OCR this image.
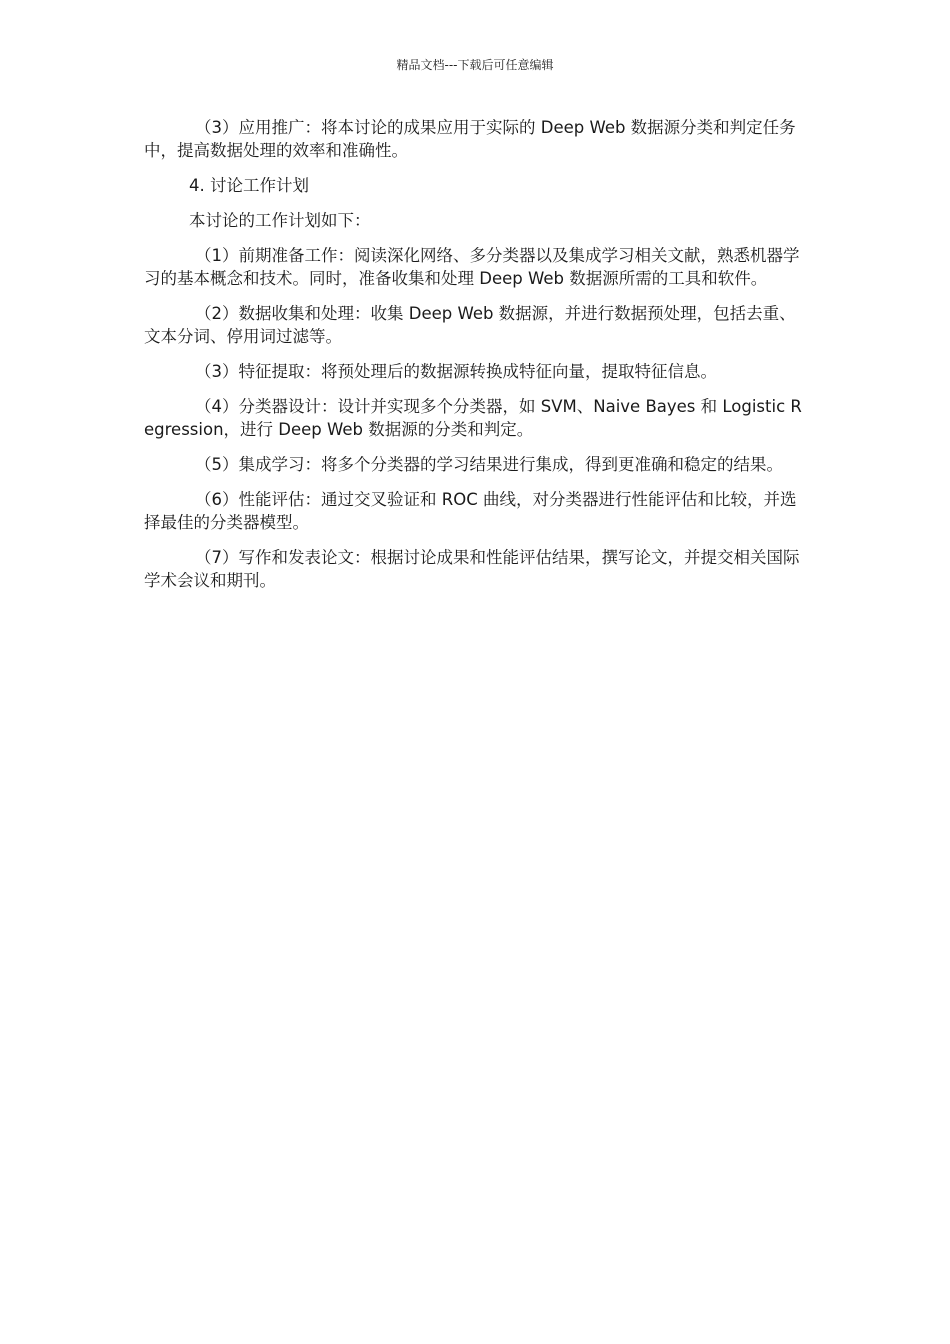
精品文档---下载后可任意编辑

（3）应用推广：将本讨论的成果应用于实际的 Deep Web 数据源分类和判定任务中，提高数据处理的效率和准确性。

4. 讨论工作计划

本讨论的工作计划如下：

（1）前期准备工作：阅读深化网络、多分类器以及集成学习相关文献，熟悉机器学习的基本概念和技术。同时，准备收集和处理 Deep Web 数据源所需的工具和软件。

（2）数据收集和处理：收集 Deep Web 数据源，并进行数据预处理，包括去重、文本分词、停用词过滤等。

（3）特征提取：将预处理后的数据源转换成特征向量，提取特征信息。

（4）分类器设计：设计并实现多个分类器，如 SVM、Naive Bayes 和 Logistic Regression，进行 Deep Web 数据源的分类和判定。

（5）集成学习：将多个分类器的学习结果进行集成，得到更准确和稳定的结果。

（6）性能评估：通过交叉验证和 ROC 曲线，对分类器进行性能评估和比较，并选择最佳的分类器模型。

（7）写作和发表论文：根据讨论成果和性能评估结果，撰写论文，并提交相关国际学术会议和期刊。
